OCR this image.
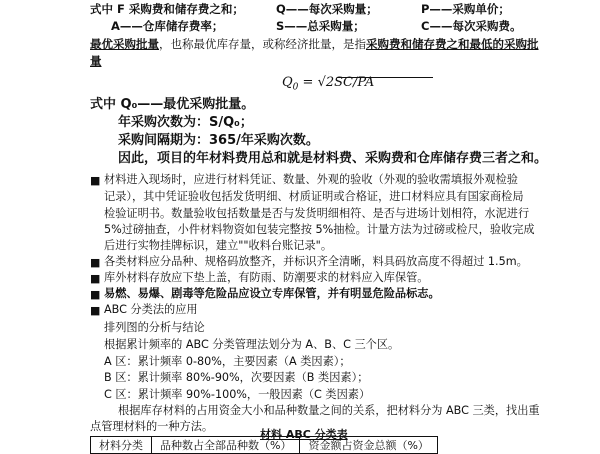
式中 F 采购费和储存费之和；	Q——每次采购量；	P——采购单价；
A——仓库储存费率；	S——总采购量；	C——每次采购费。
最优采购批量，也称最优库存量，或称经济批量，是指采购费和储存费之和最低的采购批
量
$Q_0 = √2SC/PA$
式中 Q₀——最优采购批量。
年采购次数为：S/Q₀；
采购间隔期为：365/年采购次数。
因此，项目的年材料费用总和就是材料费、采购费和仓库储存费三者之和。
■ 材料进入现场时，应进行材料凭证、数量、外观的验收（外观的验收需填报外观检验
记录），其中凭证验收包括发货明细、材质证明或合格证，进口材料应具有国家商检局
检验证明书。数量验收包括数量是否与发货明细相符、是否与进场计划相符，水泥进行
5%过磅抽查，小件材料物资如包装完整按 5%抽检。计量方法为过磅或检尺，验收完成
后进行实物挂牌标识，建立""收料台账记录"。
■ 各类材料应分品种、规格码放整齐，并标识齐全清晰，料具码放高度不得超过 1.5m。
■ 库外材料存放应下垫上盖，有防雨、防潮要求的材料应入库保管。
■ 易燃、易爆、剧毒等危险品应设立专库保管，并有明显危险品标志。
■ ABC 分类法的应用
排列图的分析与结论
根据累计频率的 ABC 分类管理法划分为 A、B、C 三个区。
A 区：累计频率 0-80%，主要因素（A 类因素）；
B 区：累计频率 80%-90%，次要因素（B 类因素）；
C 区：累计频率 90%-100%，一般因素（C 类因素）
根据库存材料的占用资金大小和品种数量之间的关系，把材料分为 ABC 三类，找出重
点管理材料的一种方法。
材料 ABC 分类表
材料分类	品种数占全部品种数（%）	资金额占资金总额（%）
